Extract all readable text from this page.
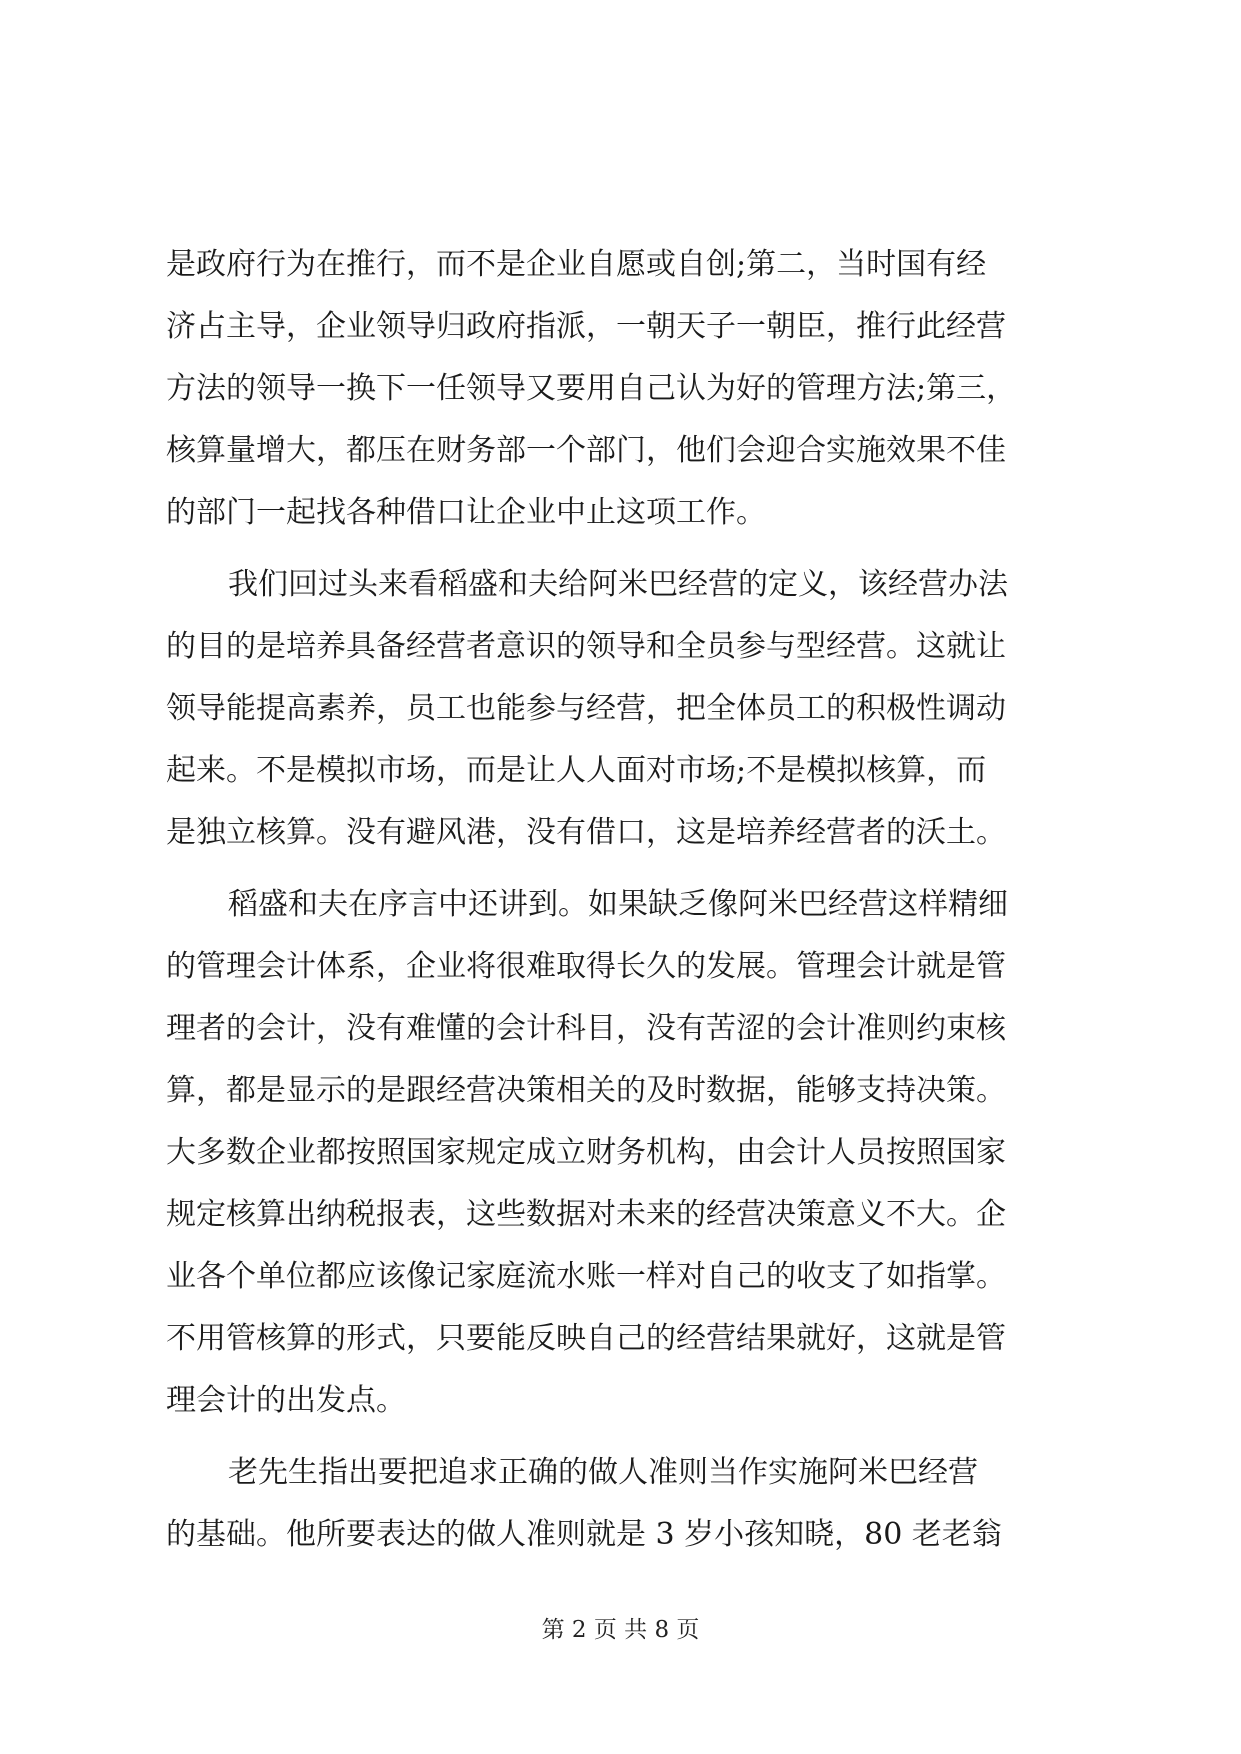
是政府行为在推行，而不是企业自愿或自创;第二，当时国有经
济占主导，企业领导归政府指派，一朝天子一朝臣，推行此经营
方法的领导一换下一任领导又要用自己认为好的管理方法;第三，
核算量增大，都压在财务部一个部门，他们会迎合实施效果不佳
的部门一起找各种借口让企业中止这项工作。
我们回过头来看稻盛和夫给阿米巴经营的定义，该经营办法
的目的是培养具备经营者意识的领导和全员参与型经营。这就让
领导能提高素养，员工也能参与经营，把全体员工的积极性调动
起来。不是模拟市场，而是让人人面对市场;不是模拟核算，而
是独立核算。没有避风港，没有借口，这是培养经营者的沃土。
稻盛和夫在序言中还讲到。如果缺乏像阿米巴经营这样精细
的管理会计体系，企业将很难取得长久的发展。管理会计就是管
理者的会计，没有难懂的会计科目，没有苦涩的会计准则约束核
算，都是显示的是跟经营决策相关的及时数据，能够支持决策。
大多数企业都按照国家规定成立财务机构，由会计人员按照国家
规定核算出纳税报表，这些数据对未来的经营决策意义不大。企
业各个单位都应该像记家庭流水账一样对自己的收支了如指掌。
不用管核算的形式，只要能反映自己的经营结果就好，这就是管
理会计的出发点。
老先生指出要把追求正确的做人准则当作实施阿米巴经营
的基础。他所要表达的做人准则就是 3 岁小孩知晓，80 老老翁
第 2 页 共 8 页
